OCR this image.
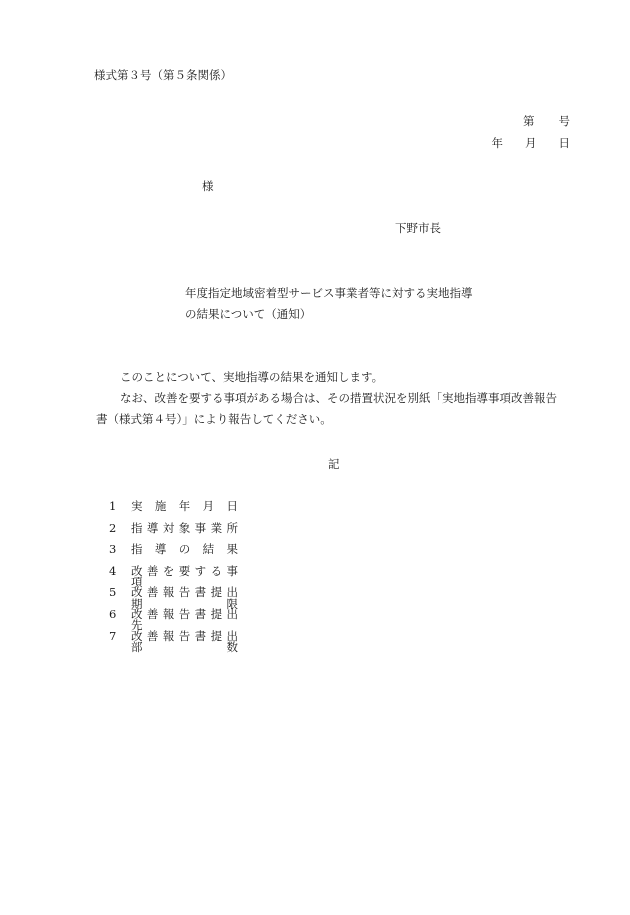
様式第３号（第５条関係）
第 号
年 月 日
様
下野市長
年度指定地域密着型サービス事業者等に対する実地指導
の結果について（通知）
このことについて、実地指導の結果を通知します。
なお、改善を要する事項がある場合は、その措置状況を別紙「実地指導事項改善報告
書（様式第４号）」により報告してください。
記
1	実 施 年 月 日
2	指 導 対 象 事 業 所
3	指 導 の 結 果
4	改 善 を 要 す る 事 項
5	改 善 報 告 書 提 出 期 限
6	改 善 報 告 書 提 出 先
7	改 善 報 告 書 提 出 部 数
